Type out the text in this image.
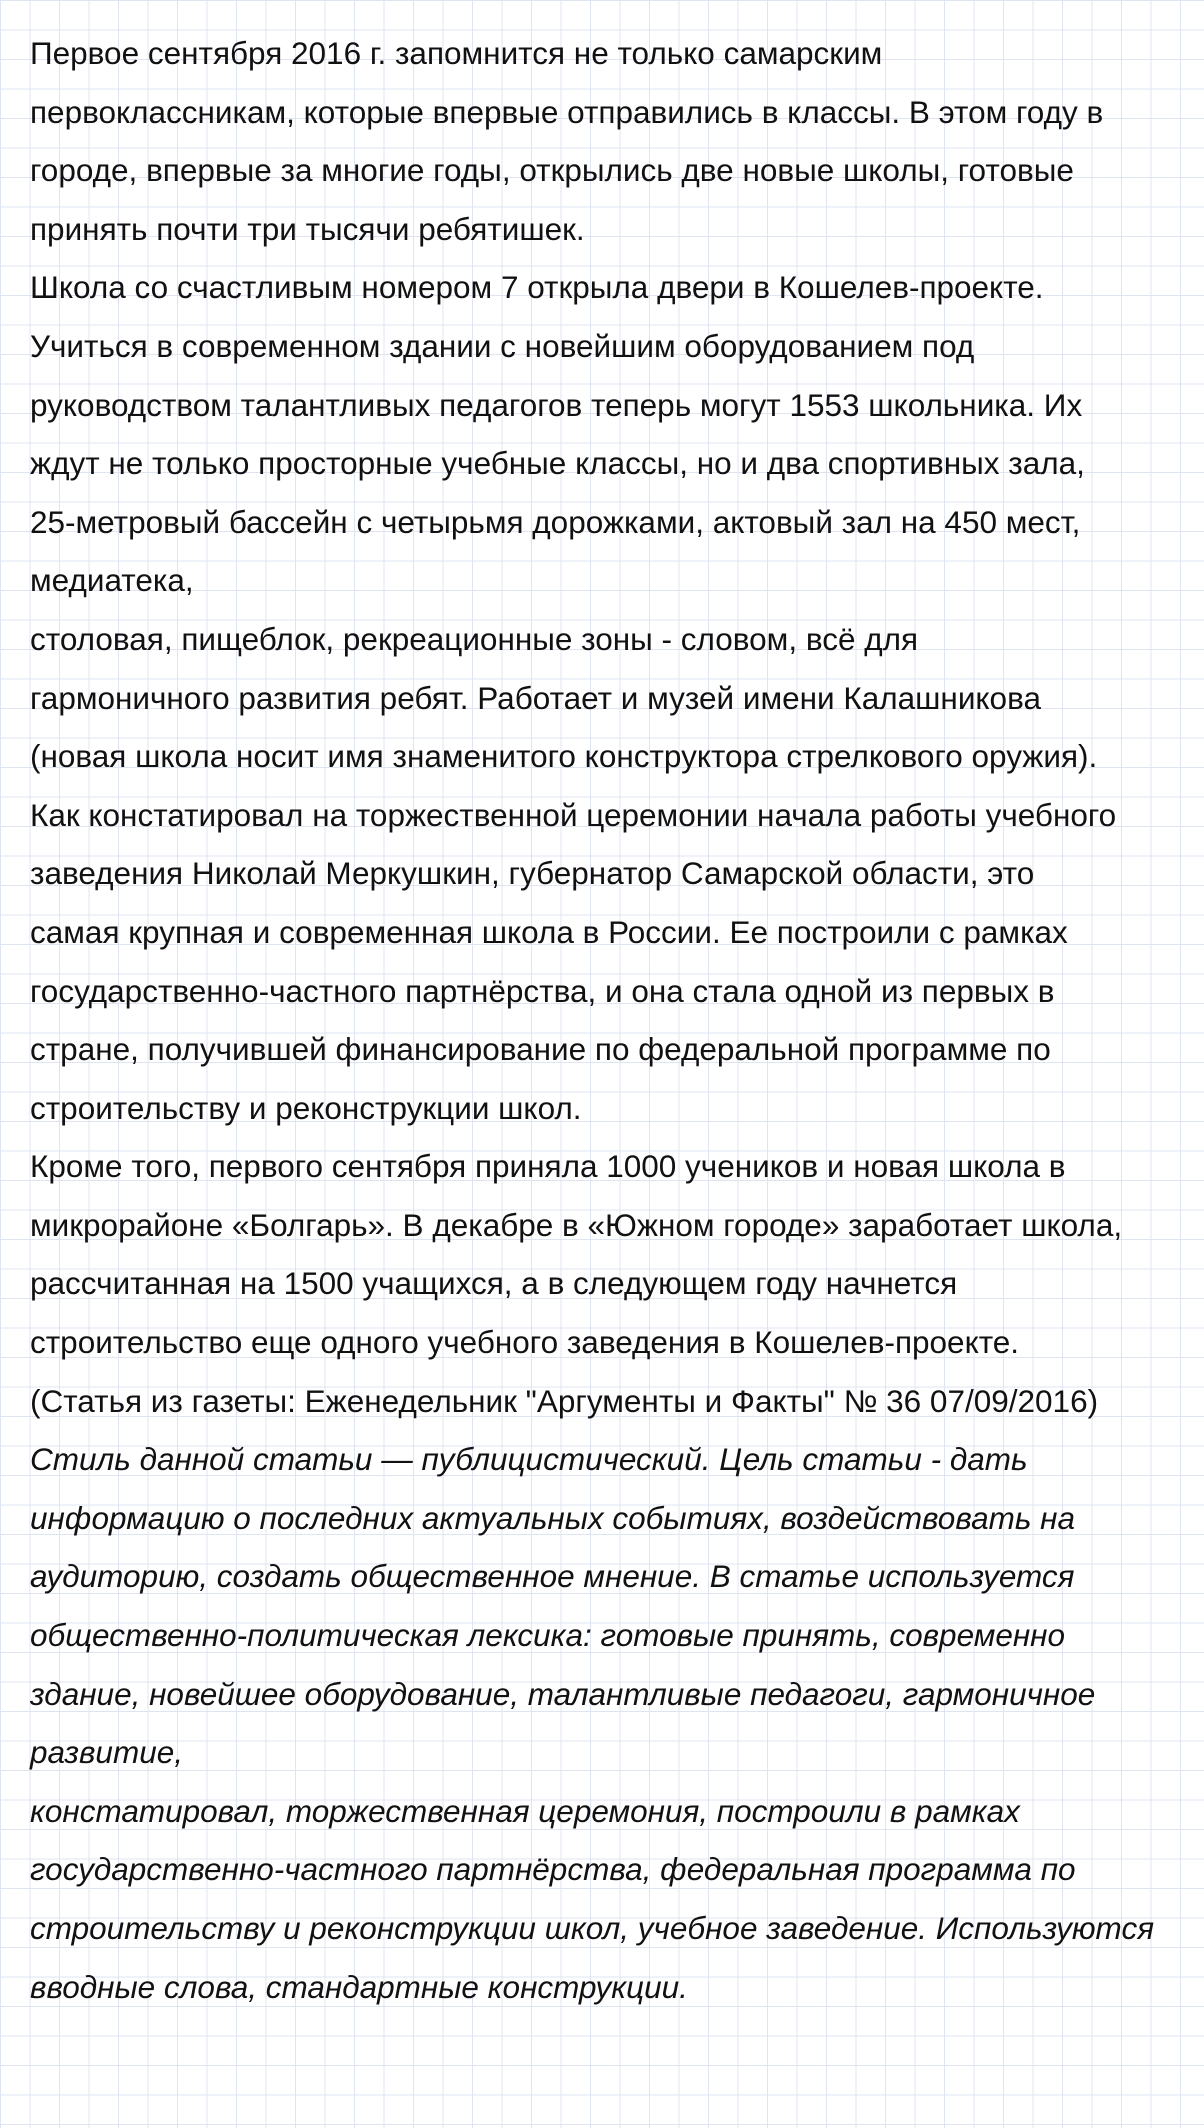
Первое сентября 2016 г. запомнится не только самарским
первоклассникам, которые впервые отправились в классы. В этом году в
городе, впервые за многие годы, открылись две новые школы, готовые
принять почти три тысячи ребятишек.
Школа со счастливым номером 7 открыла двери в Кошелев-проекте.
Учиться в современном здании с новейшим оборудованием под
руководством талантливых педагогов теперь могут 1553 школьника. Их
ждут не только просторные учебные классы, но и два спортивных зала,
25-метровый бассейн с четырьмя дорожками, актовый зал на 450 мест,
медиатека,
столовая, пищеблок, рекреационные зоны - словом, всё для
гармоничного развития ребят. Работает и музей имени Калашникова
(новая школа носит имя знаменитого конструктора стрелкового оружия).
Как констатировал на торжественной церемонии начала работы учебного
заведения Николай Меркушкин, губернатор Самарской области, это
самая крупная и современная школа в России. Ее построили с рамках
государственно-частного партнёрства, и она стала одной из первых в
стране, получившей финансирование по федеральной программе по
строительству и реконструкции школ.
Кроме того, первого сентября приняла 1000 учеников и новая школа в
микрорайоне «Болгарь». В декабре в «Южном городе» заработает школа,
рассчитанная на 1500 учащихся, а в следующем году начнется
строительство еще одного учебного заведения в Кошелев-проекте.
(Статья из газеты: Еженедельник "Аргументы и Факты" № 36 07/09/2016)
Стиль данной статьи — публицистический. Цель статьи - дать
информацию о последних актуальных событиях, воздействовать на
аудиторию, создать общественное мнение. В статье используется
общественно-политическая лексика: готовые принять, современно
здание, новейшее оборудование, талантливые педагоги, гармоничное
развитие,
констатировал, торжественная церемония, построили в рамках
государственно-частного партнёрства, федеральная программа по
строительству и реконструкции школ, учебное заведение. Используются
вводные слова, стандартные конструкции.
